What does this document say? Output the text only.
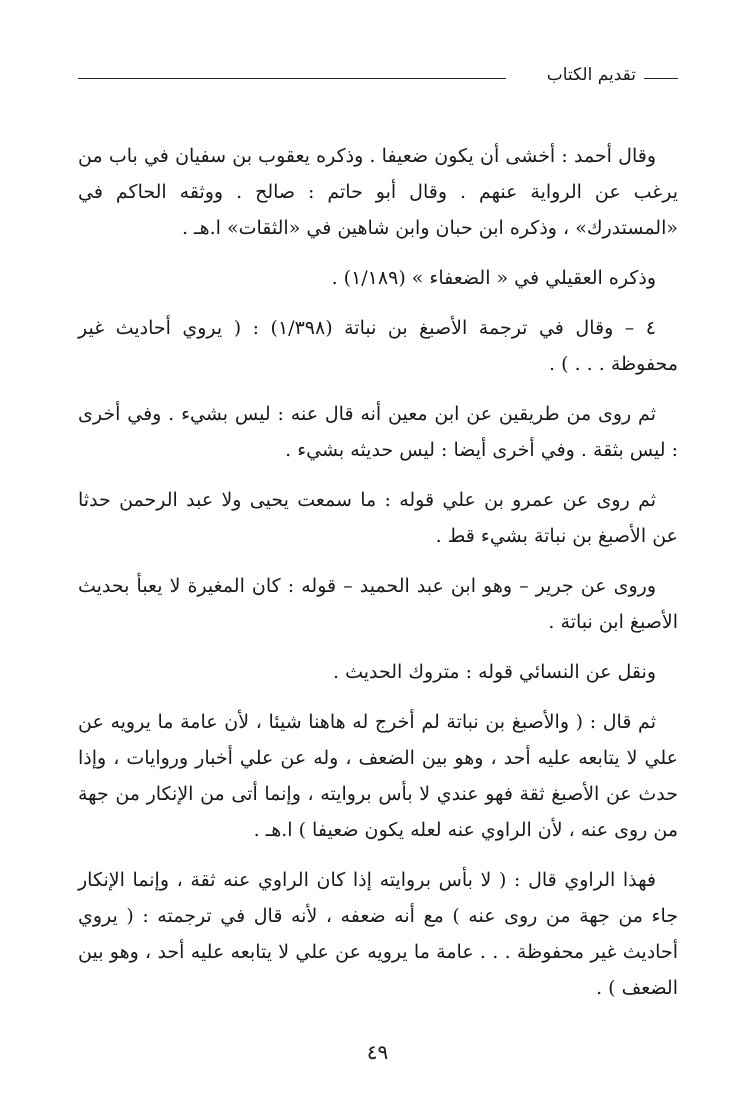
تقديم الكتاب

وقال أحمد : أخشى أن يكون ضعيفا . وذكره يعقوب بن سفيان في باب من يرغب عن الرواية عنهم . وقال أبو حاتم : صالح . ووثقه الحاكم في «المستدرك» ، وذكره ابن حبان وابن شاهين في «الثقات» ا.هـ .

وذكره العقيلي في « الضعفاء » (١/١٨٩) .

٤ – وقال في ترجمة الأصبغ بن نباتة (١/٣٩٨) : ( يروي أحاديث غير محفوظة . . . ) .

ثم روى من طريقين عن ابن معين أنه قال عنه : ليس بشيء . وفي أخرى : ليس بثقة . وفي أخرى أيضا : ليس حديثه بشيء .

ثم روى عن عمرو بن علي قوله : ما سمعت يحيى ولا عبد الرحمن حدثا عن الأصبغ بن نباتة بشيء قط .

وروى عن جرير – وهو ابن عبد الحميد – قوله : كان المغيرة لا يعبأ بحديث الأصبغ ابن نباتة .

ونقل عن النسائي قوله : متروك الحديث .

ثم قال : ( والأصبغ بن نباتة لم أخرج له هاهنا شيئا ، لأن عامة ما يرويه عن علي لا يتابعه عليه أحد ، وهو بين الضعف ، وله عن علي أخبار وروايات ، وإذا حدث عن الأصبغ ثقة فهو عندي لا بأس بروايته ، وإنما أتى من الإنكار من جهة من روى عنه ، لأن الراوي عنه لعله يكون ضعيفا ) ا.هـ .

فهذا الراوي قال : ( لا بأس بروايته إذا كان الراوي عنه ثقة ، وإنما الإنكار جاء من جهة من روى عنه ) مع أنه ضعفه ، لأنه قال في ترجمته : ( يروي أحاديث غير محفوظة . . . عامة ما يرويه عن علي لا يتابعه عليه أحد ، وهو بين الضعف ) .

٤٩
